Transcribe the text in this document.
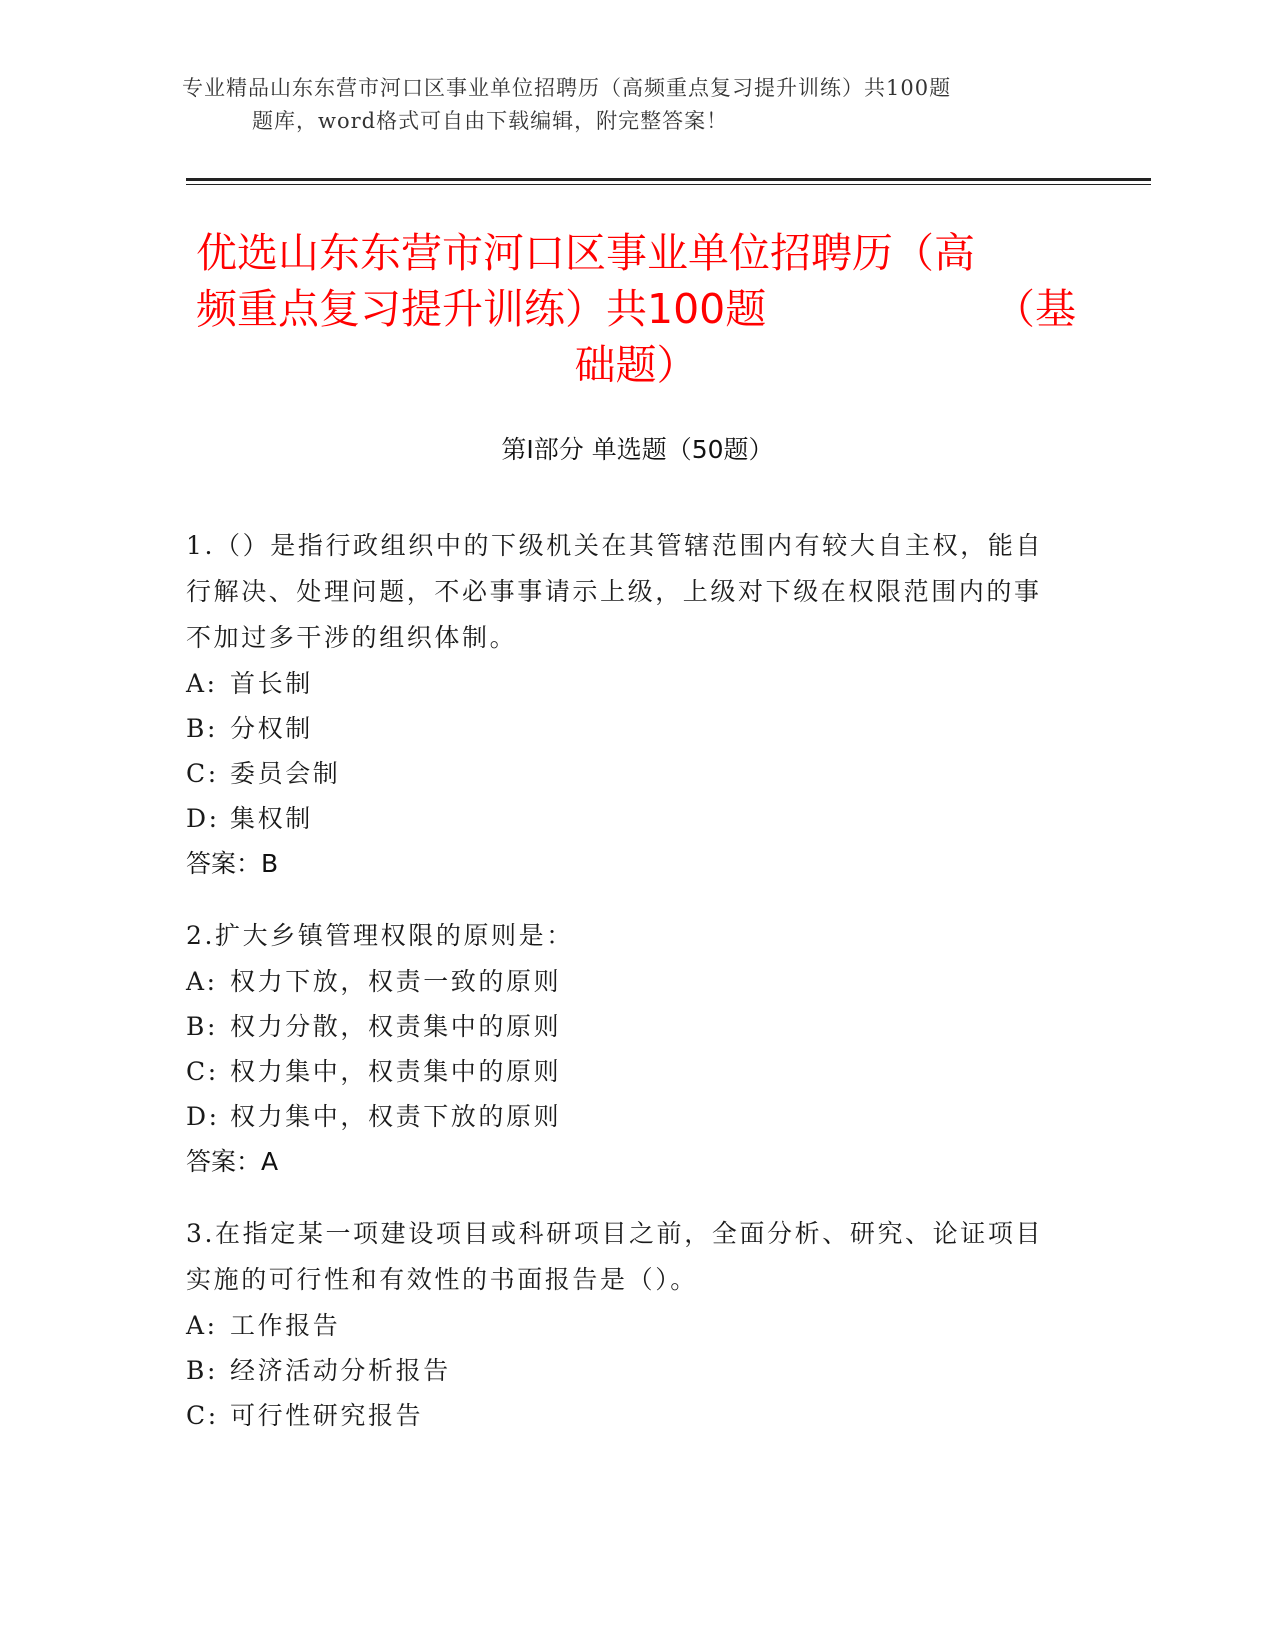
专业精品山东东营市河口区事业单位招聘历（高频重点复习提升训练）共100题
题库，word格式可自由下载编辑，附完整答案！
优选山东东营市河口区事业单位招聘历（高
频重点复习提升训练）共100题	（基
础题）
第Ⅰ部分 单选题（50题）

1.（）是指行政组织中的下级机关在其管辖范围内有较大自主权，能自行解决、处理问题，不必事事请示上级，上级对下级在权限范围内的事不加过多干涉的组织体制。

A: 首长制
B: 分权制
C: 委员会制
D: 集权制
答案：B

2.扩大乡镇管理权限的原则是：

A: 权力下放，权责一致的原则
B: 权力分散，权责集中的原则
C: 权力集中，权责集中的原则
D: 权力集中，权责下放的原则
答案：A

3.在指定某一项建设项目或科研项目之前，全面分析、研究、论证项目实施的可行性和有效性的书面报告是（）。

A: 工作报告
B: 经济活动分析报告
C: 可行性研究报告
